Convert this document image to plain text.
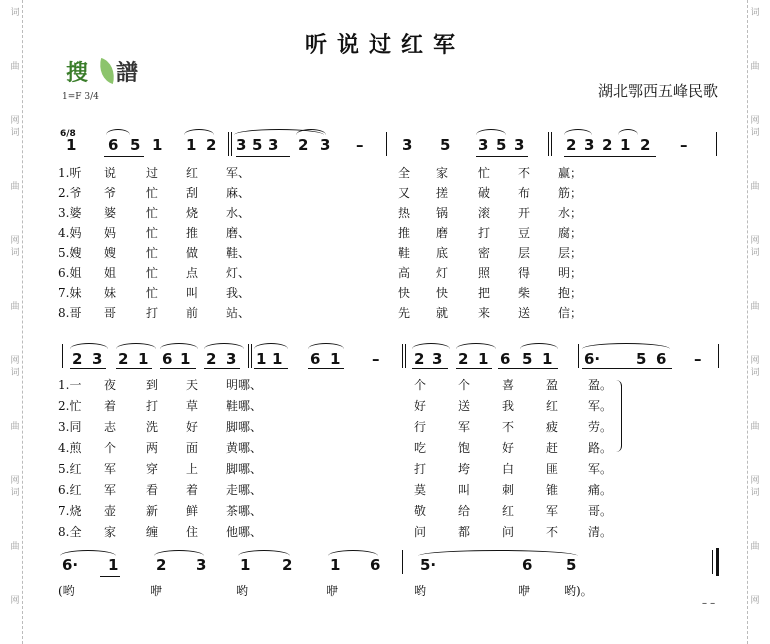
词
曲
网
词
曲
网
词
曲
网
词
曲
网
词
曲
网
词
曲
网
词
曲
网
词
曲
网
词
曲
网
词
曲
网
听说过红军
湖北鄂西五峰民歌
搜 譜
1=F 3/4
1 6 5 1 1 2 3 5 3 2 3 –	3 5 3 5 3	2 3 2 1 2 –
6/8
1.听 说 过 红 军、
2.爷 爷 忙 刮 麻、
3.婆 婆 忙 烧 水、
4.妈 妈 忙 推 磨、
5.嫂 嫂 忙 做 鞋、
6.姐 姐 忙 点 灯、
7.妹 妹 忙 叫 我、
8.哥 哥 打 前 站、
全 家 忙 不 赢；
又 搓 破 布 筋；
热 锅 滚 开 水；
推 磨 打 豆 腐；
鞋 底 密 层 层；
高 灯 照 得 明；
快 快 把 柴 抱；
先 就 来 送 信；
2 3 2 1 6 1 2 3 1 1 6 1 – 2 3 2 1 6 5 1 6· 5 6 –
1.一 夜 到 天 明哪、
2.忙 着 打 草 鞋哪、
3.同 志 洗 好 脚哪、
4.煎 个 两 面 黄哪、
5.红 军 穿 上 脚哪、
6.红 军 看 着 走哪、
7.烧 壶 新 鲜 茶哪、
8.全 家 缠 住 他哪、
个	个	喜	盈 盈。
好	送	我	红 军。
行	军	不	疲 劳。
吃	饱	好	赶 路。
打	垮	白	匪 军。
莫	叫	刺	锥 痛。
敬	给	红	军 哥。
问	都	问	不 清。
6· 1	2 3 1 2	1 6	5·	6 5
(哟	咿	哟	咿	哟	咿	哟)。
– –
